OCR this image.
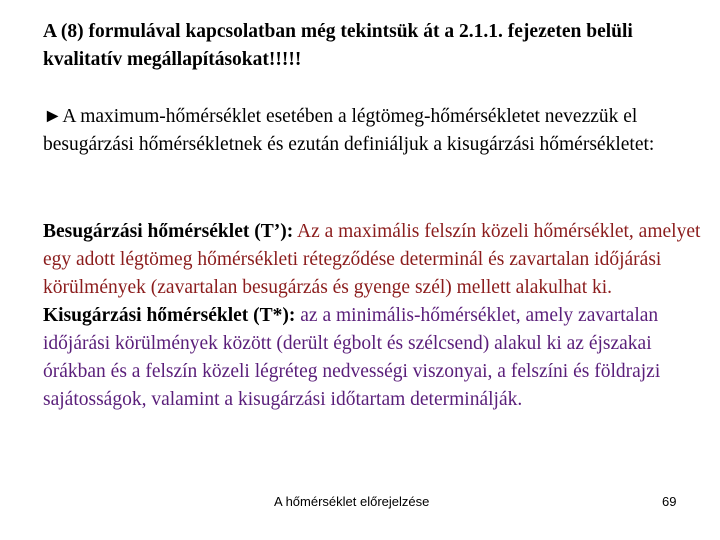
A (8) formulával kapcsolatban még tekintsük át a 2.1.1. fejezeten belüli kvalitatív megállapításokat!!!!!
►A maximum-hőmérséklet esetében a légtömeg-hőmérsékletet nevezzük el besugárzási hőmérsékletnek és ezután definiáljuk a kisugárzási hőmérsékletet:
Besugárzási hőmérséklet (T’): Az a maximális felszín közeli hőmérséklet, amelyet egy adott légtömeg hőmérsékleti rétegződése determinál és zavartalan időjárási körülmények (zavartalan besugárzás és gyenge szél) mellett alakulhat ki.
Kisugárzási hőmérséklet (T*): az a minimális-hőmérséklet, amely zavartalan időjárási körülmények között (derült égbolt és szélcsend) alakul ki az éjszakai órákban és a felszín közeli légréteg nedvességi viszonyai, a felszíni és földrajzi sajátosságok, valamint a kisugárzási időtartam determinálják.
A hőmérséklet előrejelzése	69
